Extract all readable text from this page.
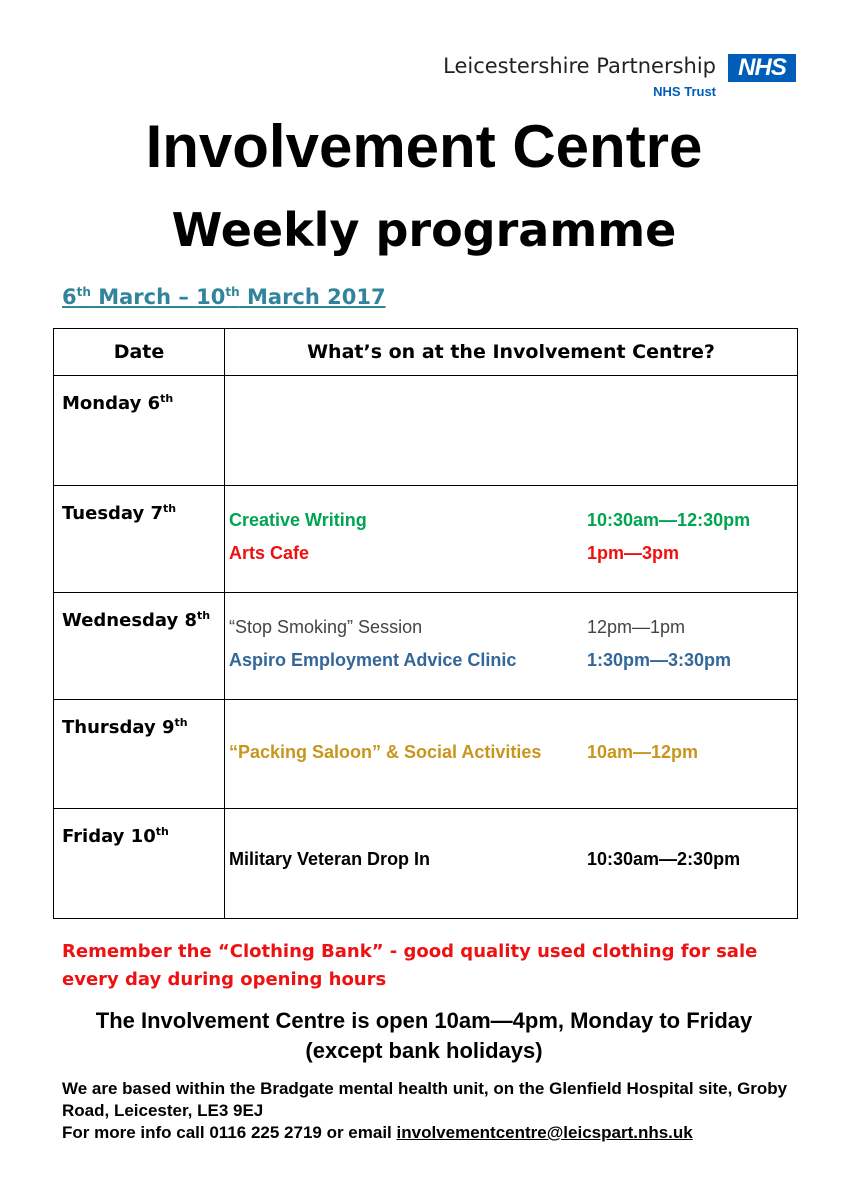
Leicestershire Partnership NHS
NHS Trust
Involvement Centre
Weekly programme
6th March – 10th March 2017
Date	What’s on at the Involvement Centre?
Monday 6th	
Tuesday 7th	Creative Writing 10:30am—12:30pm
Arts Cafe 1pm—3pm

Wednesday 8th	“Stop Smoking” Session 12pm—1pm
Aspiro Employment Advice Clinic 1:30pm—3:30pm

Thursday 9th	“Packing Saloon” & Social Activities 10am—12pm

Friday 10th	Military Veteran Drop In 10:30am—2:30pm
Remember the “Clothing Bank” - good quality used clothing for sale every day during opening hours
The Involvement Centre is open 10am—4pm, Monday to Friday (except bank holidays)
We are based within the Bradgate mental health unit, on the Glenfield Hospital site, Groby Road, Leicester, LE3 9EJ
For more info call 0116 225 2719 or email involvementcentre@leicspart.nhs.uk
